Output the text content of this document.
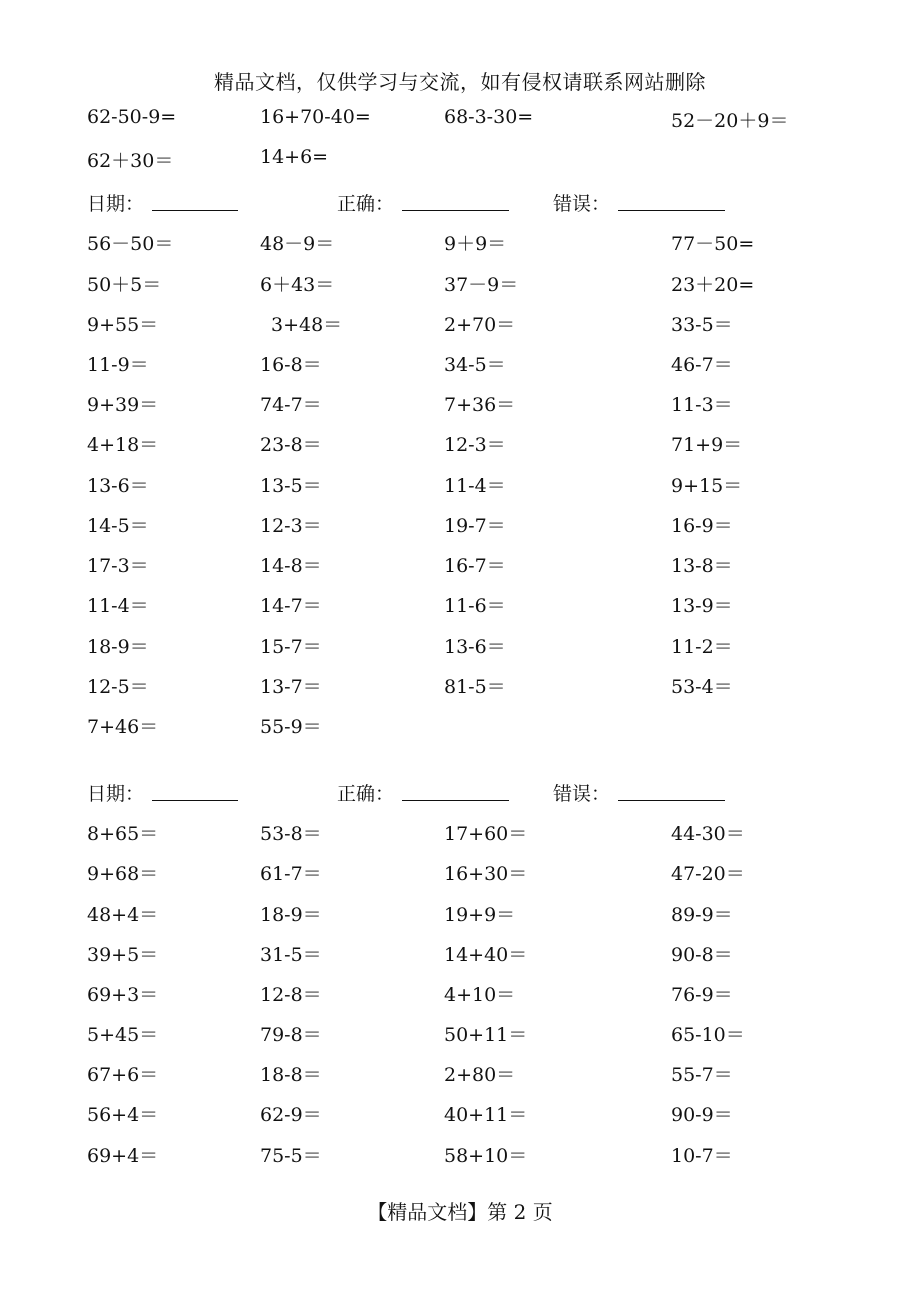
精品文档，仅供学习与交流，如有侵权请联系网站删除
62-50-9=	16+70-40=	68-3-30=	52－20＋9＝
62＋30＝	14+6=
日期：	正确：	错误：
56－50＝	48－9＝	9＋9＝	77－50=
50＋5＝	6＋43＝	37－9＝	23＋20=
9+55＝	3+48＝	2+70＝	33-5＝
11-9＝	16-8＝	34-5＝	46-7＝
9+39＝	74-7＝	7+36＝	11-3＝
4+18＝	23-8＝	12-3＝	71+9＝
13-6＝	13-5＝	11-4＝	9+15＝
14-5＝	12-3＝	19-7＝	16-9＝
17-3＝	14-8＝	16-7＝	13-8＝
11-4＝	14-7＝	11-6＝	13-9＝
18-9＝	15-7＝	13-6＝	11-2＝
12-5＝	13-7＝	81-5＝	53-4＝
7+46＝	55-9＝
日期：	正确：	错误：
8+65＝	53-8＝	17+60＝	44-30＝
9+68＝	61-7＝	16+30＝	47-20＝
48+4＝	18-9＝	19+9＝	89-9＝
39+5＝	31-5＝	14+40＝	90-8＝
69+3＝	12-8＝	4+10＝	76-9＝
5+45＝	79-8＝	50+11＝	65-10＝
67+6＝	18-8＝	2+80＝	55-7＝
56+4＝	62-9＝	40+11＝	90-9＝
69+4＝	75-5＝	58+10＝	10-7＝
【精品文档】第 2 页
